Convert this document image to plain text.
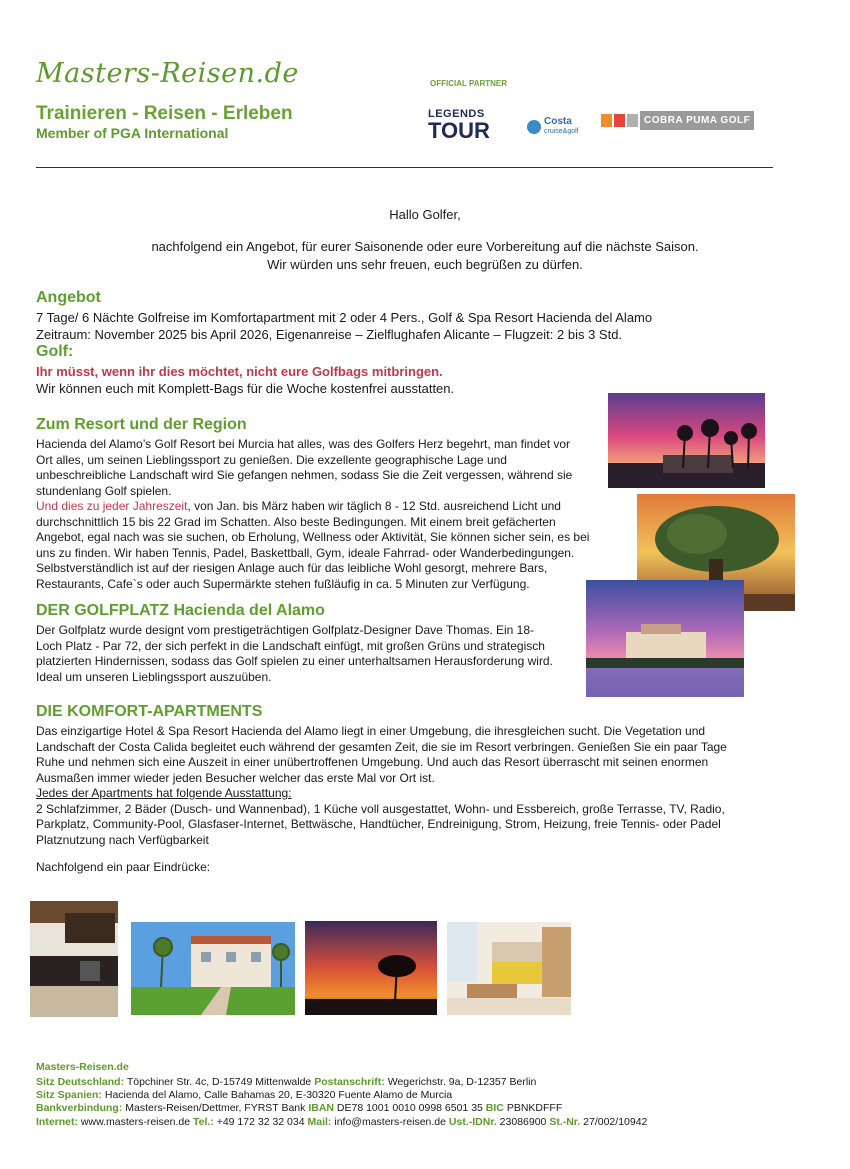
Masters-Reisen.de
Trainieren - Reisen - Erleben
Member of PGA International
OFFICIAL PARTNER
LEGENDS
TOUR	Costa
cruise&golf
COBRA PUMA GOLF
Hallo Golfer,
nachfolgend ein Angebot, für eurer Saisonende oder eure Vorbereitung auf die nächste Saison.
Wir würden uns sehr freuen, euch begrüßen zu dürfen.
Angebot
7 Tage/ 6 Nächte Golfreise im Komfortapartment mit 2 oder 4 Pers., Golf & Spa Resort Hacienda del Alamo
Zeitraum: November 2025 bis April 2026, Eigenanreise – Zielflughafen Alicante – Flugzeit: 2 bis 3 Std.
Golf:
Ihr müsst, wenn ihr dies möchtet, nicht eure Golfbags mitbringen.
Wir können euch mit Komplett-Bags für die Woche kostenfrei ausstatten.
Zum Resort und der Region
Hacienda del Alamo’s Golf Resort bei Murcia hat alles, was des Golfers Herz begehrt, man findet vor
Ort alles, um seinen Lieblingssport zu genießen. Die exzellente geographische Lage und
unbeschreibliche Landschaft wird Sie gefangen nehmen, sodass Sie die Zeit vergessen, während sie
stundenlang Golf spielen.
Und dies zu jeder Jahreszeit, von Jan. bis März haben wir täglich 8 - 12 Std. ausreichend Licht und
durchschnittlich 15 bis 22 Grad im Schatten. Also beste Bedingungen. Mit einem breit gefächerten
Angebot, egal nach was sie suchen, ob Erholung, Wellness oder Aktivität, Sie können sicher sein, es bei
uns zu finden. Wir haben Tennis, Padel, Baskettball, Gym, ideale Fahrrad- oder Wanderbedingungen.
Selbstverständlich ist auf der riesigen Anlage auch für das leibliche Wohl gesorgt, mehrere Bars,
Restaurants, Cafe`s oder auch Supermärkte stehen fußläufig in ca. 5 Minuten zur Verfügung.
DER GOLFPLATZ Hacienda del Alamo
Der Golfplatz wurde designt vom prestigeträchtigen Golfplatz-Designer Dave Thomas. Ein 18-
Loch Platz - Par 72, der sich perfekt in die Landschaft einfügt, mit großen Grüns und strategisch
platzierten Hindernissen, sodass das Golf spielen zu einer unterhaltsamen Herausforderung wird.
Ideal um unseren Lieblingssport auszuüben.
DIE KOMFORT-APARTMENTS
Das einzigartige Hotel & Spa Resort Hacienda del Alamo liegt in einer Umgebung, die ihresgleichen sucht. Die Vegetation und
Landschaft der Costa Calida begleitet euch während der gesamten Zeit, die sie im Resort verbringen. Genießen Sie ein paar Tage
Ruhe und nehmen sich eine Auszeit in einer unübertroffenen Umgebung. Und auch das Resort überrascht mit seinen enormen
Ausmaßen immer wieder jeden Besucher welcher das erste Mal vor Ort ist.
Jedes der Apartments hat folgende Ausstattung:
2 Schlafzimmer, 2 Bäder (Dusch- und Wannenbad), 1 Küche voll ausgestattet, Wohn- und Essbereich, große Terrasse, TV, Radio,
Parkplatz, Community-Pool, Glasfaser-Internet, Bettwäsche, Handtücher, Endreinigung, Strom, Heizung, freie Tennis- oder Padel
Platznutzung nach Verfügbarkeit
Nachfolgend ein paar Eindrücke:
Masters-Reisen.de
Sitz Deutschland: Töpchiner Str. 4c, D-15749 Mittenwalde Postanschrift: Wegerichstr. 9a, D-12357 Berlin
Sitz Spanien: Hacienda del Alamo, Calle Bahamas 20, E-30320 Fuente Alamo de Murcia
Bankverbindung: Masters-Reisen/Dettmer, FYRST Bank IBAN DE78 1001 0010 0998 6501 35 BIC PBNKDFFF
Internet: www.masters-reisen.de Tel.: +49 172 32 32 034 Mail: info@masters-reisen.de Ust.-IDNr. 23086900 St.-Nr. 27/002/10942
